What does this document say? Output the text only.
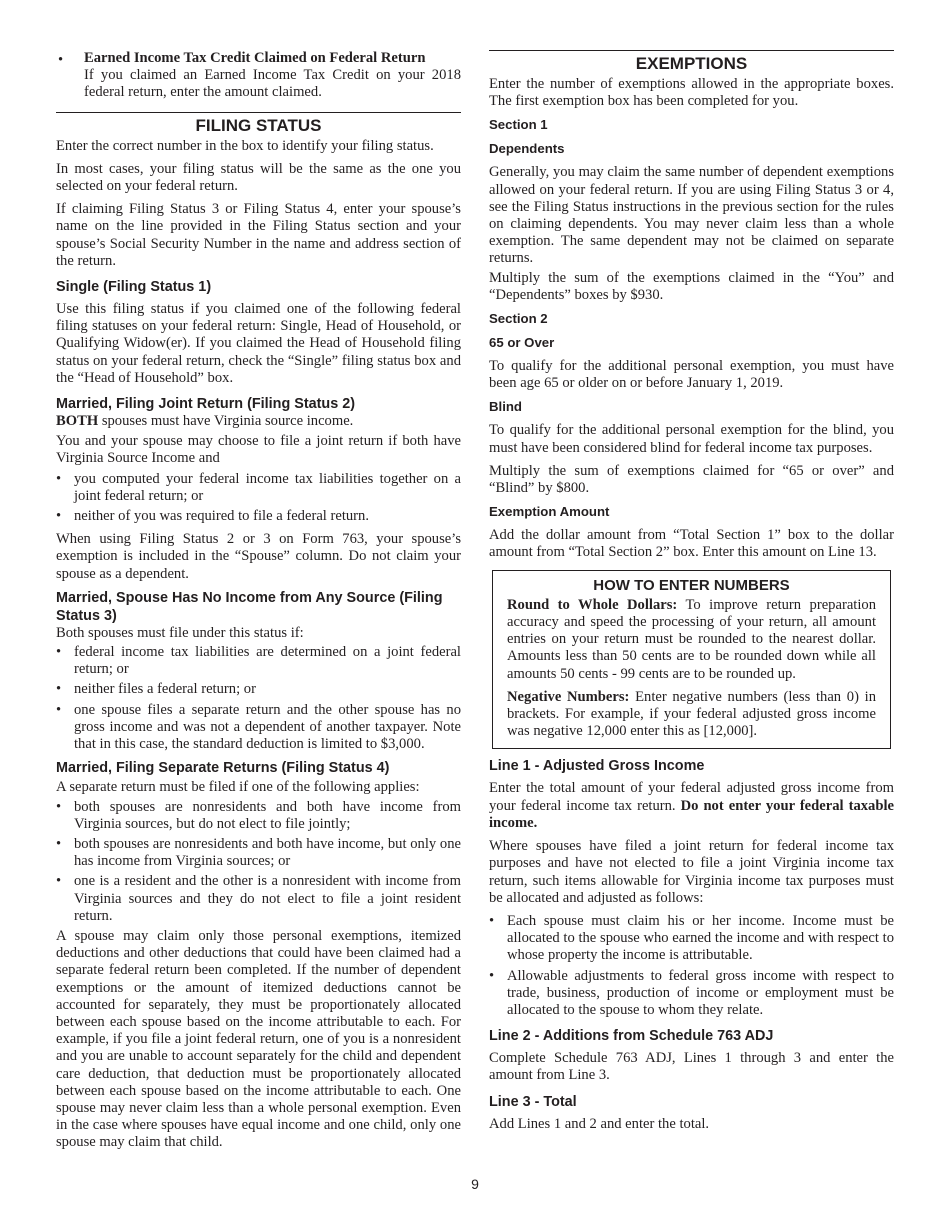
• Earned Income Tax Credit Claimed on Federal Return
If you claimed an Earned Income Tax Credit on your 2018 federal return, enter the amount claimed.
FILING STATUS

Enter the correct number in the box to identify your filing status.

In most cases, your filing status will be the same as the one you selected on your federal return.

If claiming Filing Status 3 or Filing Status 4, enter your spouse’s name on the line provided in the Filing Status section and your spouse’s Social Security Number in the name and address section of the return.

Single (Filing Status 1)

Use this filing status if you claimed one of the following federal filing statuses on your federal return: Single, Head of Household, or Qualifying Widow(er). If you claimed the Head of Household filing status on your federal return, check the “Single” filing status box and the “Head of Household” box.

Married, Filing Joint Return (Filing Status 2)

BOTH spouses must have Virginia source income.

You and your spouse may choose to file a joint return if both have Virginia Source Income and

• you computed your federal income tax liabilities together on a joint federal return; or
• neither of you was required to file a federal return.

When using Filing Status 2 or 3 on Form 763, your spouse’s exemption is included in the “Spouse” column. Do not claim your spouse as a dependent.

Married, Spouse Has No Income from Any Source (Filing Status 3)

Both spouses must file under this status if:

• federal income tax liabilities are determined on a joint federal return; or
• neither files a federal return; or
• one spouse files a separate return and the other spouse has no gross income and was not a dependent of another taxpayer. Note that in this case, the standard deduction is limited to $3,000.
Married, Filing Separate Returns (Filing Status 4)

A separate return must be filed if one of the following applies:

• both spouses are nonresidents and both have income from Virginia sources, but do not elect to file jointly;
• both spouses are nonresidents and both have income, but only one has income from Virginia sources; or
• one is a resident and the other is a nonresident with income from Virginia sources and they do not elect to file a joint resident return.

A spouse may claim only those personal exemptions, itemized deductions and other deductions that could have been claimed had a separate federal return been completed. If the number of dependent exemptions or the amount of itemized deductions cannot be accounted for separately, they must be proportionately allocated between each spouse based on the income attributable to each. For example, if you file a joint federal return, one of you is a nonresident and you are unable to account separately for the child and dependent care deduction, that deduction must be proportionately allocated between each spouse based on the income attributable to each. One spouse may never claim less than a whole personal exemption. Even in the case where spouses have equal income and one child, only one spouse may claim that child.

EXEMPTIONS

Enter the number of exemptions allowed in the appropriate boxes. The first exemption box has been completed for you.

Section 1
Dependents

Generally, you may claim the same number of dependent exemptions allowed on your federal return. If you are using Filing Status 3 or 4, see the Filing Status instructions in the previous section for the rules on claiming dependents. You may never claim less than a whole exemption. The same dependent may not be claimed on separate returns.

Multiply the sum of the exemptions claimed in the “You” and “Dependents” boxes by $930.

Section 2
65 or Over

To qualify for the additional personal exemption, you must have been age 65 or older on or before January 1, 2019.

Blind

To qualify for the additional personal exemption for the blind, you must have been considered blind for federal income tax purposes.

Multiply the sum of exemptions claimed for “65 or over” and “Blind” by $800.

Exemption Amount

Add the dollar amount from “Total Section 1” box to the dollar amount from “Total Section 2” box. Enter this amount on Line 13.

HOW TO ENTER NUMBERS

Round to Whole Dollars: To improve return preparation accuracy and speed the processing of your return, all amount entries on your return must be rounded to the nearest dollar. Amounts less than 50 cents are to be rounded down while all amounts 50 cents - 99 cents are to be rounded up.

Negative Numbers: Enter negative numbers (less than 0) in brackets. For example, if your federal adjusted gross income was negative 12,000 enter this as [12,000].

Line 1 - Adjusted Gross Income

Enter the total amount of your federal adjusted gross income from your federal income tax return. Do not enter your federal taxable income.

Where spouses have filed a joint return for federal income tax purposes and have not elected to file a joint Virginia income tax return, such items allowable for Virginia income tax purposes must be allocated and adjusted as follows:

• Each spouse must claim his or her income. Income must be allocated to the spouse who earned the income and with respect to whose property the income is attributable.
• Allowable adjustments to federal gross income with respect to trade, business, production of income or employment must be allocated to the spouse to whom they relate.
Line 2 - Additions from Schedule 763 ADJ

Complete Schedule 763 ADJ, Lines 1 through 3 and enter the amount from Line 3.

Line 3 - Total

Add Lines 1 and 2 and enter the total.

9
